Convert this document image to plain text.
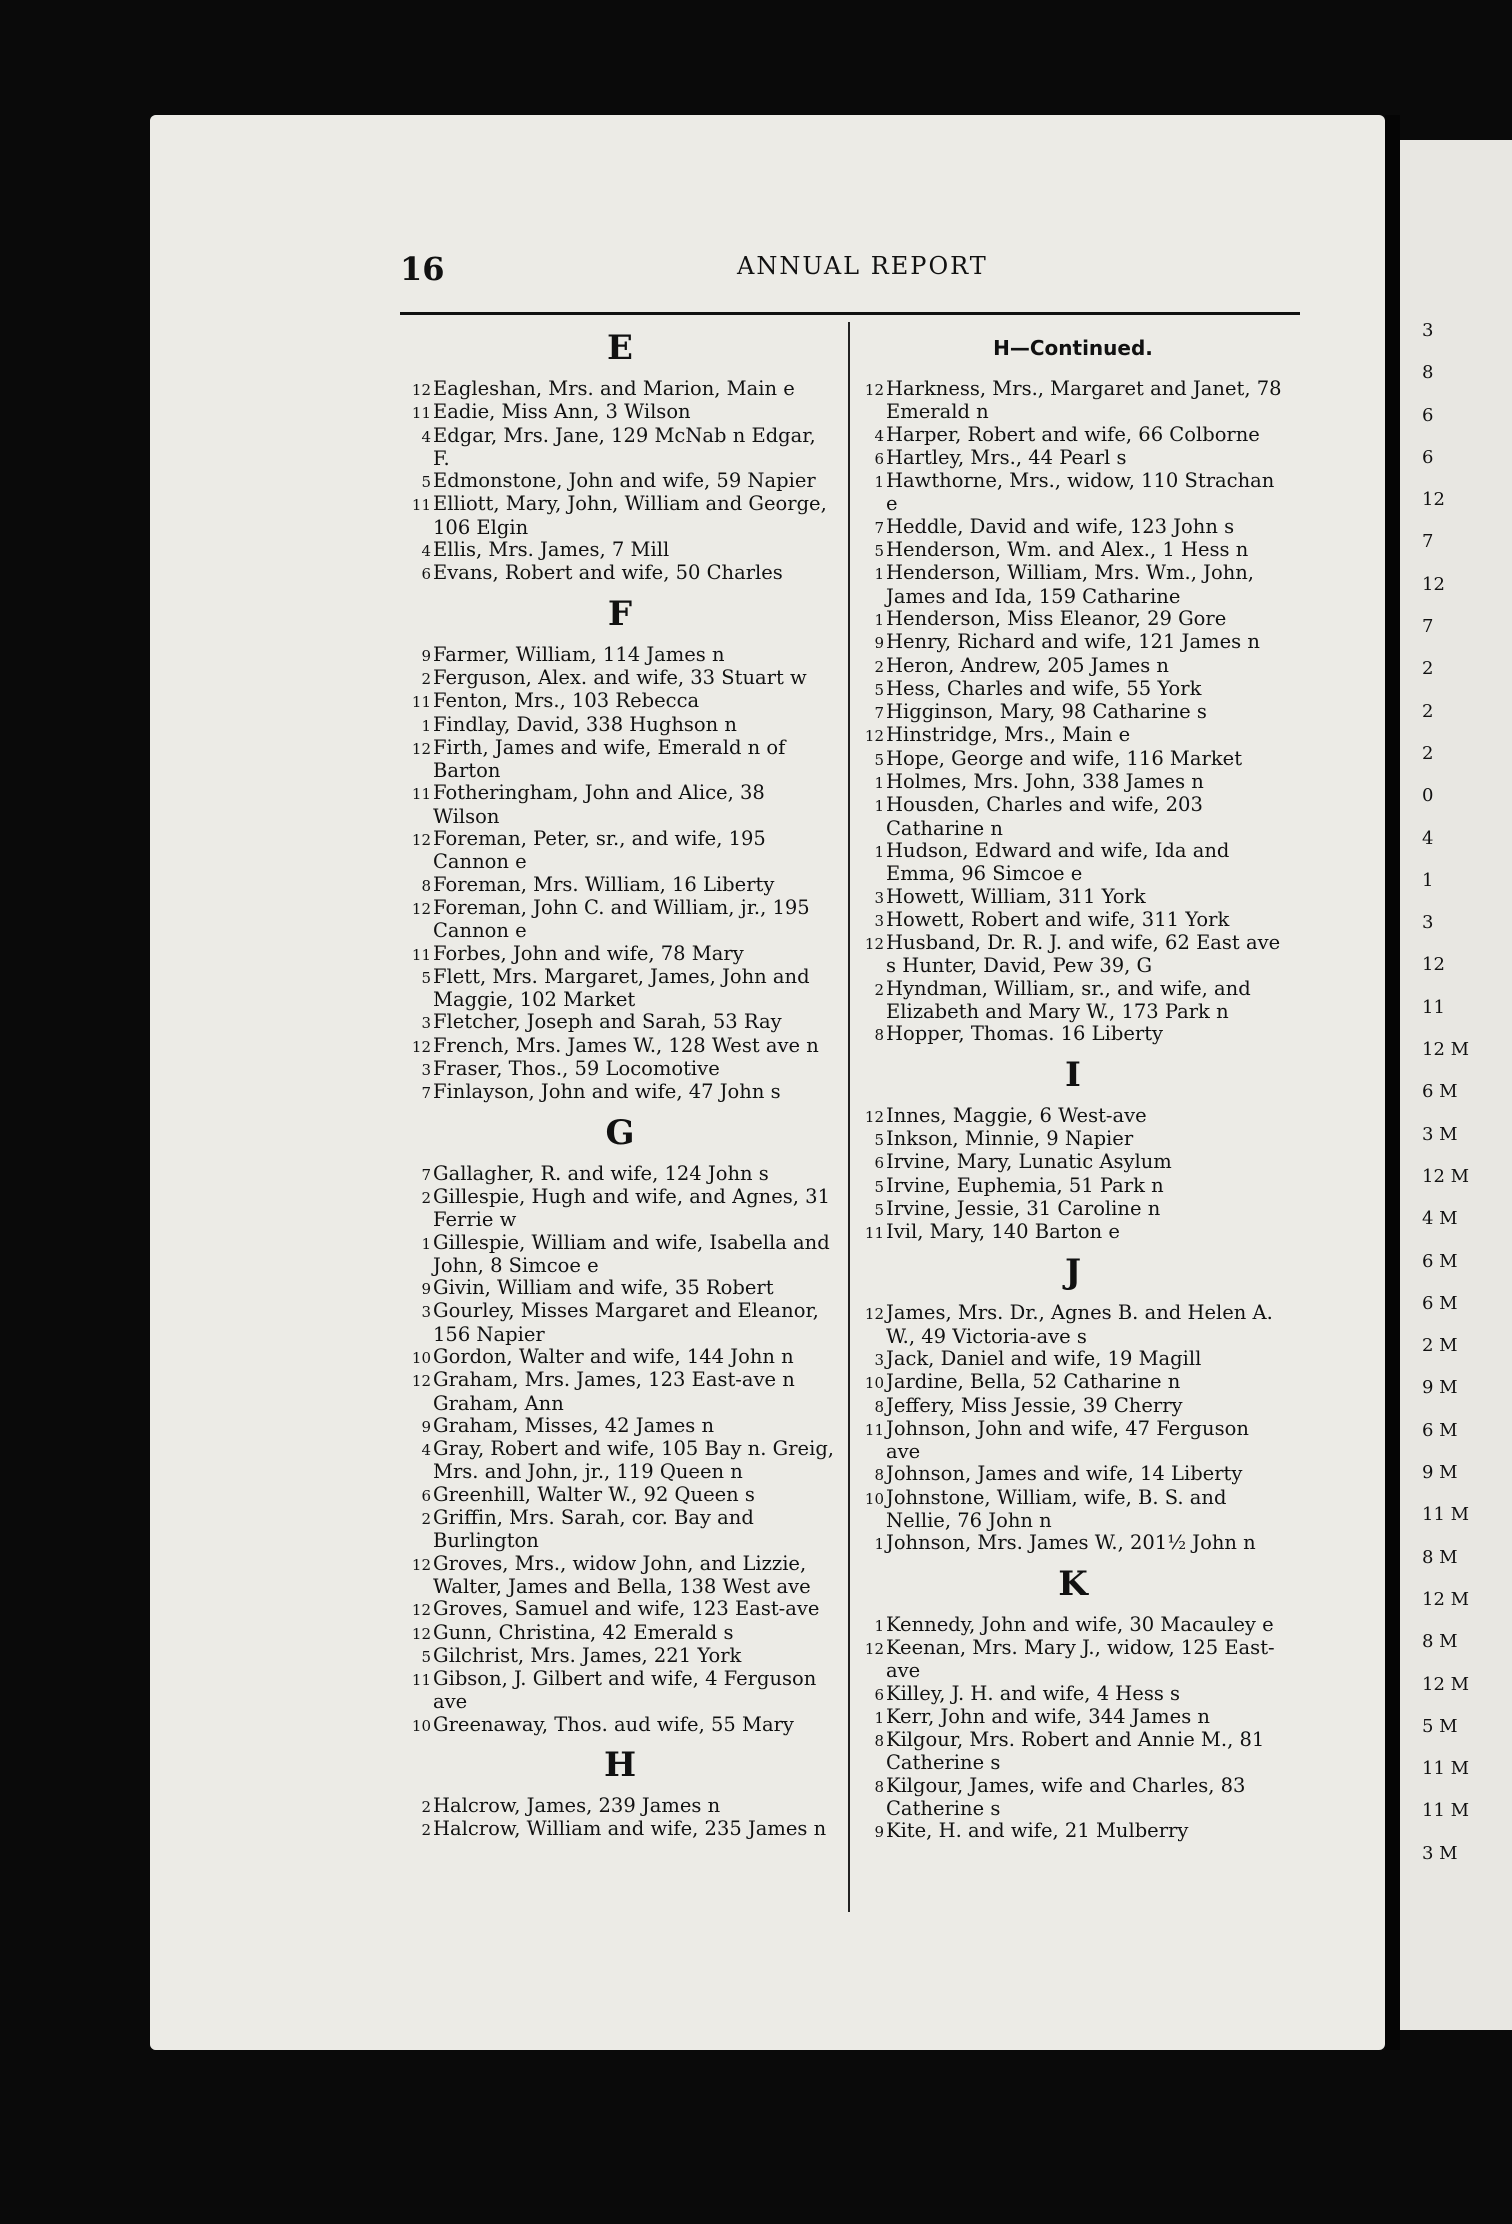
16	ANNUAL REPORT
E
12 Eagleshan, Mrs. and Marion, Main e
11 Eadie, Miss Ann, 3 Wilson
4 Edgar, Mrs. Jane, 129 McNab n Edgar, F.
5 Edmonstone, John and wife, 59 Napier
11 Elliott, Mary, John, William and George, 106 Elgin
4 Ellis, Mrs. James, 7 Mill
6 Evans, Robert and wife, 50 Charles
F
9 Farmer, William, 114 James n
2 Ferguson, Alex. and wife, 33 Stuart w
11 Fenton, Mrs., 103 Rebecca
1 Findlay, David, 338 Hughson n
12 Firth, James and wife, Emerald n of Barton
11 Fotheringham, John and Alice, 38 Wilson
12 Foreman, Peter, sr., and wife, 195 Cannon e
8 Foreman, Mrs. William, 16 Liberty
12 Foreman, John C. and William, jr., 195 Cannon e
11 Forbes, John and wife, 78 Mary
5 Flett, Mrs. Margaret, James, John and Maggie, 102 Market
3 Fletcher, Joseph and Sarah, 53 Ray
12 French, Mrs. James W., 128 West ave n
3 Fraser, Thos., 59 Locomotive
7 Finlayson, John and wife, 47 John s
G
7 Gallagher, R. and wife, 124 John s
2 Gillespie, Hugh and wife, and Agnes, 31 Ferrie w
1 Gillespie, William and wife, Isabella and John, 8 Simcoe e
9 Givin, William and wife, 35 Robert
3 Gourley, Misses Margaret and Eleanor, 156 Napier
10 Gordon, Walter and wife, 144 John n
12 Graham, Mrs. James, 123 East-ave n Graham, Ann
9 Graham, Misses, 42 James n
4 Gray, Robert and wife, 105 Bay n. Greig, Mrs. and John, jr., 119 Queen n
6 Greenhill, Walter W., 92 Queen s
2 Griffin, Mrs. Sarah, cor. Bay and Burlington
12 Groves, Mrs., widow John, and Lizzie, Walter, James and Bella, 138 West ave
12 Groves, Samuel and wife, 123 East-ave
12 Gunn, Christina, 42 Emerald s
5 Gilchrist, Mrs. James, 221 York
11 Gibson, J. Gilbert and wife, 4 Ferguson ave
10 Greenaway, Thos. aud wife, 55 Mary
H
2 Halcrow, James, 239 James n
2 Halcrow, William and wife, 235 James n
H—Continued.
12 Harkness, Mrs., Margaret and Janet, 78 Emerald n
4 Harper, Robert and wife, 66 Colborne
6 Hartley, Mrs., 44 Pearl s
1 Hawthorne, Mrs., widow, 110 Strachan e
7 Heddle, David and wife, 123 John s
5 Henderson, Wm. and Alex., 1 Hess n
1 Henderson, William, Mrs. Wm., John, James and Ida, 159 Catharine
1 Henderson, Miss Eleanor, 29 Gore
9 Henry, Richard and wife, 121 James n
2 Heron, Andrew, 205 James n
5 Hess, Charles and wife, 55 York
7 Higginson, Mary, 98 Catharine s
12 Hinstridge, Mrs., Main e
5 Hope, George and wife, 116 Market
1 Holmes, Mrs. John, 338 James n
1 Housden, Charles and wife, 203 Catharine n
1 Hudson, Edward and wife, Ida and Emma, 96 Simcoe e
3 Howett, William, 311 York
3 Howett, Robert and wife, 311 York
12 Husband, Dr. R. J. and wife, 62 East ave s Hunter, David, Pew 39, G
2 Hyndman, William, sr., and wife, and Elizabeth and Mary W., 173 Park n
8 Hopper, Thomas. 16 Liberty
I
12 Innes, Maggie, 6 West-ave
5 Inkson, Minnie, 9 Napier
6 Irvine, Mary, Lunatic Asylum
5 Irvine, Euphemia, 51 Park n
5 Irvine, Jessie, 31 Caroline n
11 Ivil, Mary, 140 Barton e
J
12 James, Mrs. Dr., Agnes B. and Helen A. W., 49 Victoria-ave s
3 Jack, Daniel and wife, 19 Magill
10 Jardine, Bella, 52 Catharine n
8 Jeffery, Miss Jessie, 39 Cherry
11 Johnson, John and wife, 47 Ferguson ave
8 Johnson, James and wife, 14 Liberty
10 Johnstone, William, wife, B. S. and Nellie, 76 John n
1 Johnson, Mrs. James W., 201½ John n
K
1 Kennedy, John and wife, 30 Macauley e
12 Keenan, Mrs. Mary J., widow, 125 East-ave
6 Killey, J. H. and wife, 4 Hess s
1 Kerr, John and wife, 344 James n
8 Kilgour, Mrs. Robert and Annie M., 81 Catherine s
8 Kilgour, James, wife and Charles, 83 Catherine s
9 Kite, H. and wife, 21 Mulberry
3
8
6
6
12
7
12
7
2
2
2
0
4
1
3
12
11
12 M
6 M
3 M
12 M
4 M
6 M
6 M
2 M
9 M
6 M
9 M
11 M
8 M
12 M
8 M
12 M
5 M
11 M
11 M
3 M
